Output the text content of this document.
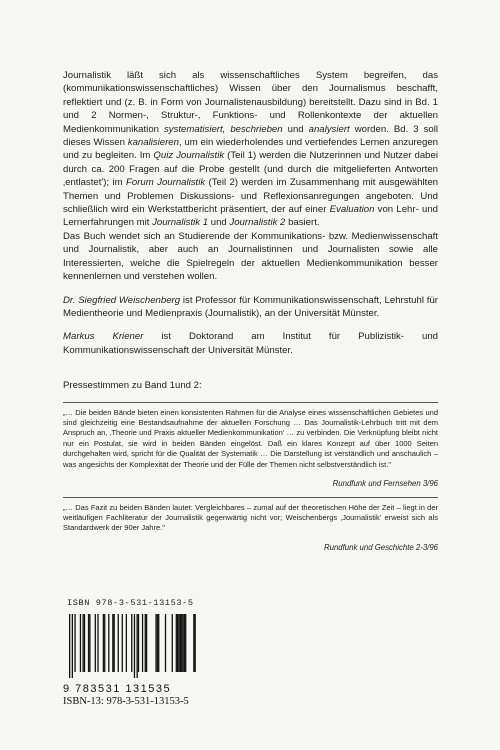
Journalistik läßt sich als wissenschaftliches System begreifen, das (kommunikationswissenschaftliches) Wissen über den Journalismus beschafft, reflektiert und (z. B. in Form von Journalistenausbildung) bereitstellt. Dazu sind in Bd. 1 und 2 Normen-, Struktur-, Funktions- und Rollenkontexte der aktuellen Medienkommunikation systematisiert, beschrieben und analysiert worden. Bd. 3 soll dieses Wissen kanalisieren, um ein wiederholendes und vertiefendes Lernen anzuregen und zu begleiten. Im Quiz Journalistik (Teil 1) werden die Nutzerinnen und Nutzer dabei durch ca. 200 Fragen auf die Probe gestellt (und durch die mitgelieferten Antworten ‚entlastet'); im Forum Journalistik (Teil 2) werden im Zusammenhang mit ausgewählten Themen und Problemen Diskussions- und Reflexionsanregungen angeboten. Und schließlich wird ein Werkstattbericht präsentiert, der auf einer Evaluation von Lehr- und Lernerfahrungen mit Journalistik 1 und Journalistik 2 basiert.

Das Buch wendet sich an Studierende der Kommunikations- bzw. Medienwissenschaft und Journalistik, aber auch an Journalistinnen und Journalisten sowie alle Interessierten, welche die Spielregeln der aktuellen Medienkommunikation besser kennenlernen und verstehen wollen.

Dr. Siegfried Weischenberg ist Professor für Kommunikationswissenschaft, Lehrstuhl für Medientheorie und Medienpraxis (Journalistik), an der Universität Münster.

Markus Kriener ist Doktorand am Institut für Publizistik- und Kommunikationswissenschaft der Universität Münster.

Pressestimmen zu Band 1und 2:

„… Die beiden Bände bieten einen konsistenten Rahmen für die Analyse eines wissenschaftlichen Gebietes und sind gleichzeitig eine Bestandsaufnahme der aktuellen Forschung … Das Journalistik-Lehrbuch tritt mit dem Anspruch an, ‚Theorie und Praxis aktueller Medienkommunikation' … zu verbinden. Die Verknüpfung bleibt nicht nur ein Postulat, sie wird in beiden Bänden eingelöst. Daß ein klares Konzept auf über 1000 Seiten durchgehalten wird, spricht für die Qualität der Systematik … Die Darstellung ist verständlich und anschaulich – was angesichts der Komplexität der Theorie und der Fülle der Themen nicht selbstverständlich ist."

Rundfunk und Fernsehen 3/96

„… Das Fazit zu beiden Bänden lautet: Vergleichbares – zumal auf der theoretischen Höhe der Zeit – liegt in der weitläufigen Fachliteratur der Journalistik gegenwärtig nicht vor; Weischenbergs ‚Journalistik' erweist sich als Standardwerk der 90er Jahre."

Rundfunk und Geschichte 2-3/96

ISBN 978-3-531-13153-5
9 783531 131535
ISBN-13: 978-3-531-13153-5
